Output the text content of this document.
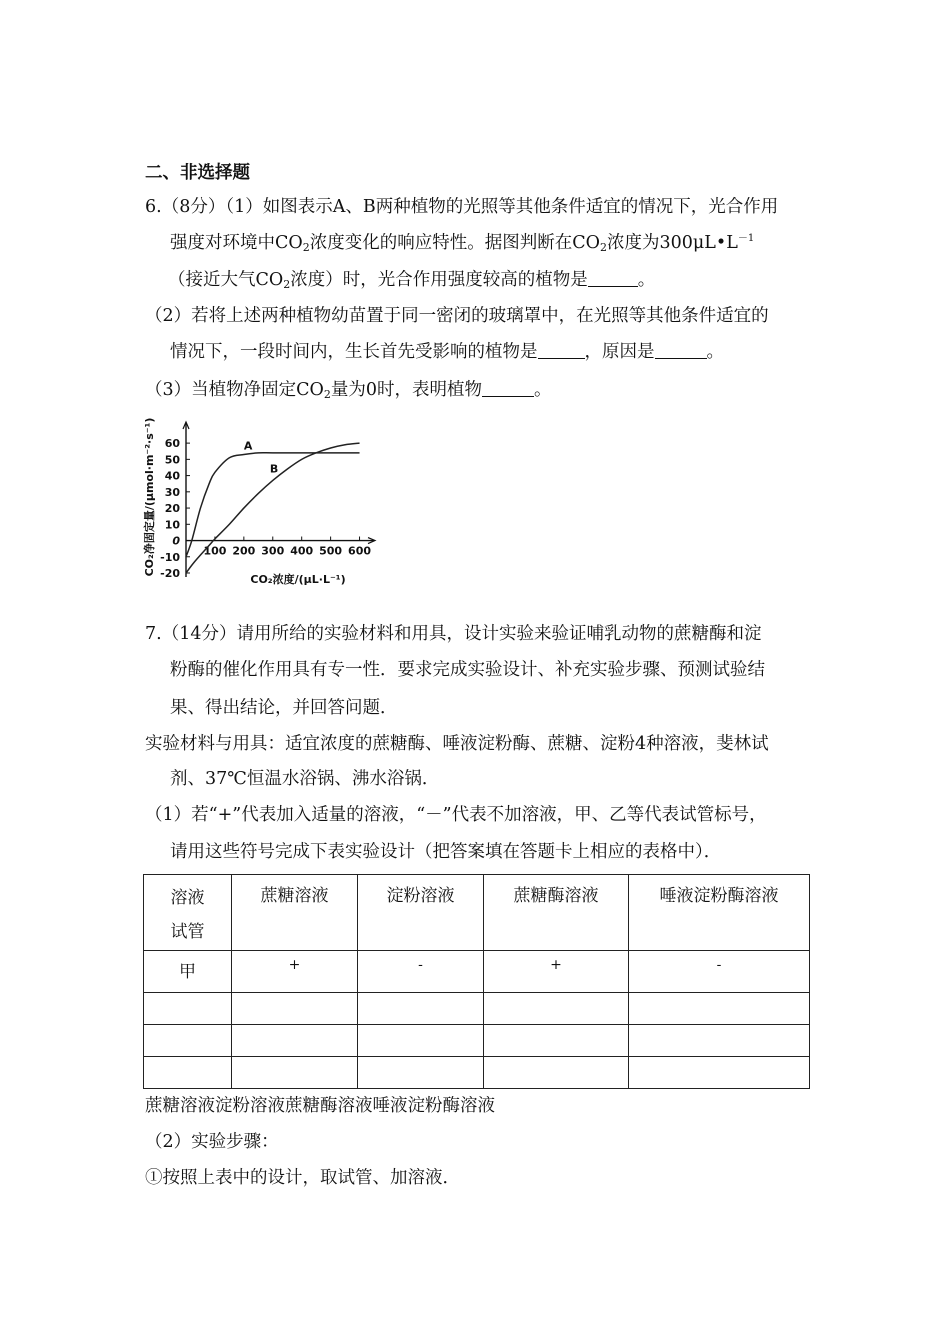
二、非选择题
6.（8分）（1）如图表示A、B两种植物的光照等其他条件适宜的情况下，光合作用
强度对环境中$CO_2$浓度变化的响应特性。据图判断在$CO_2$浓度为$300\mu L•L^{-1}$
（接近大气$CO_2$浓度）时，光合作用强度较高的植物是	。
（2）若将上述两种植物幼苗置于同一密闭的玻璃罩中，在光照等其他条件适宜的
情况下，一段时间内，生长首先受影响的植物是	，原因是	。
（3）当植物净固定$CO_2$量为0时，表明植物	。
60
50
40
30
20
10
0
-10
-20
100 200 300 400 500 600
A
B
CO₂净固定量/(μmol·m⁻²·s⁻¹)
CO₂浓度/(μL·L⁻¹)
7.（14分）请用所给的实验材料和用具，设计实验来验证哺乳动物的蔗糖酶和淀
粉酶的催化作用具有专一性．要求完成实验设计、补充实验步骤、预测试验结
果、得出结论，并回答问题．
实验材料与用具：适宜浓度的蔗糖酶、唾液淀粉酶、蔗糖、淀粉4种溶液，斐林试
剂、37℃恒温水浴锅、沸水浴锅．
（1）若“+”代表加入适量的溶液，“－”代表不加溶液，甲、乙等代表试管标号，
请用这些符号完成下表实验设计（把答案填在答题卡上相应的表格中）．
溶液
试管	蔗糖溶液	淀粉溶液	蔗糖酶溶液	唾液淀粉酶溶液
甲	+	-	+	-

蔗糖溶液淀粉溶液蔗糖酶溶液唾液淀粉酶溶液
（2）实验步骤：
①按照上表中的设计，取试管、加溶液．
